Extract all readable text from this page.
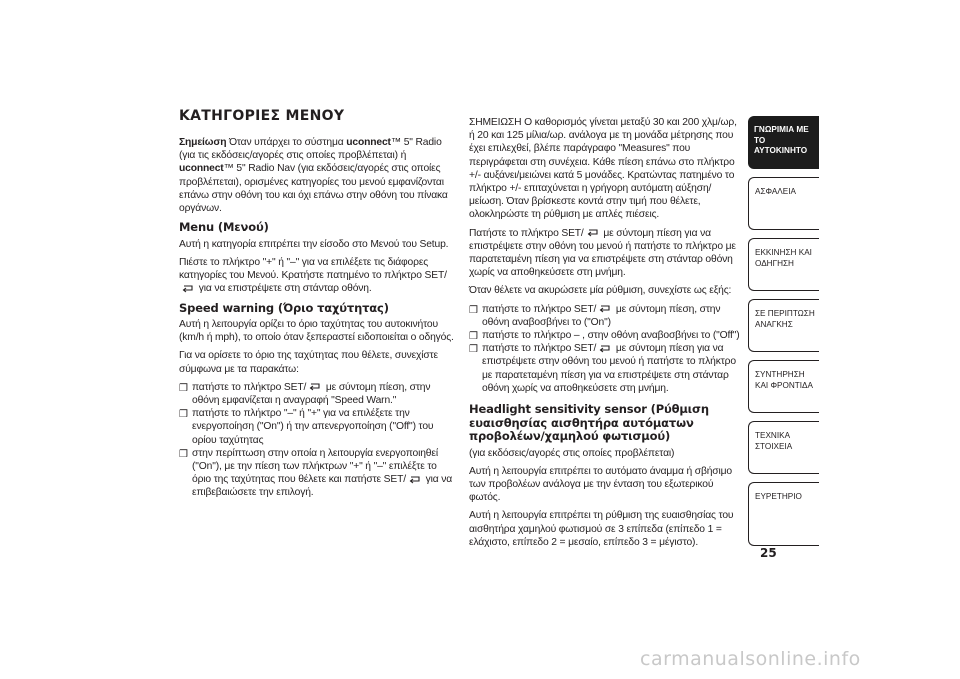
ΚΑΤΗΓΟΡΙΕΣ ΜΕΝΟΥ

Σημείωση Όταν υπάρχει το σύστημα uconnect™ 5" Radio (για τις εκδόσεις/αγορές στις οποίες προβλέπεται) ή uconnect™ 5" Radio Nav (για εκδόσεις/αγορές στις οποίες προβλέπεται), ορισμένες κατηγορίες του μενού εμφανίζονται επάνω στην οθόνη του και όχι επάνω στην οθόνη του πίνακα οργάνων.

Menu (Μενού)

Αυτή η κατηγορία επιτρέπει την είσοδο στο Μενού του Setup.

Πιέστε το πλήκτρο "+" ή "–" για να επιλέξετε τις διάφορες κατηγορίες του Μενού. Κρατήστε πατημένο το πλήκτρο SET/ για να επιστρέψετε στη στάνταρ οθόνη.

Speed warning (Όριο ταχύτητας)

Αυτή η λειτουργία ορίζει το όριο ταχύτητας του αυτοκινήτου (km/h ή mph), το οποίο όταν ξεπεραστεί ειδοποιείται ο οδηγός.

Για να ορίσετε το όριο της ταχύτητας που θέλετε, συνεχίστε σύμφωνα με τα παρακάτω:

❒ πατήστε το πλήκτρο SET/ με σύντομη πίεση, στην οθόνη εμφανίζεται η αναγραφή "Speed Warn."
❒ πατήστε το πλήκτρο "–" ή "+" για να επιλέξετε την ενεργοποίηση ("On") ή την απενεργοποίηση ("Off") του ορίου ταχύτητας
❒ στην περίπτωση στην οποία η λειτουργία ενεργοποιηθεί ("On"), με την πίεση των πλήκτρων "+" ή "–" επιλέξτε το όριο της ταχύτητας που θέλετε και πατήστε SET/ για να επιβεβαιώσετε την επιλογή.

ΣΗΜΕΙΩΣΗ Ο καθορισμός γίνεται μεταξύ 30 και 200 χλμ/ωρ, ή 20 και 125 μίλια/ωρ. ανάλογα με τη μονάδα μέτρησης που έχει επιλεχθεί, βλέπε παράγραφο "Measures" που περιγράφεται στη συνέχεια. Κάθε πίεση επάνω στο πλήκτρο +/- αυξάνει/μειώνει κατά 5 μονάδες. Κρατώντας πατημένο το πλήκτρο +/- επιταχύνεται η γρήγορη αυτόματη αύξηση/μείωση. Όταν βρίσκεστε κοντά στην τιμή που θέλετε, ολοκληρώστε τη ρύθμιση με απλές πιέσεις.

Πατήστε το πλήκτρο SET/ με σύντομη πίεση για να επιστρέψετε στην οθόνη του μενού ή πατήστε το πλήκτρο με παρατεταμένη πίεση για να επιστρέψετε στη στάνταρ οθόνη χωρίς να αποθηκεύσετε στη μνήμη.

Όταν θέλετε να ακυρώσετε μία ρύθμιση, συνεχίστε ως εξής:

❒ πατήστε το πλήκτρο SET/ με σύντομη πίεση, στην οθόνη αναβοσβήνει το ("On")
❒ πατήστε το πλήκτρο – , στην οθόνη αναβοσβήνει το ("Off")
❒ πατήστε το πλήκτρο SET/ με σύντομη πίεση για να επιστρέψετε στην οθόνη του μενού ή πατήστε το πλήκτρο με παρατεταμένη πίεση για να επιστρέψετε στη στάνταρ οθόνη χωρίς να αποθηκεύσετε στη μνήμη.
Headlight sensitivity sensor (Ρύθμιση ευαισθησίας αισθητήρα αυτόματων προβολέων/χαμηλού φωτισμού)

(για εκδόσεις/αγορές στις οποίες προβλέπεται)

Αυτή η λειτουργία επιτρέπει το αυτόματο άναμμα ή σβήσιμο των προβολέων ανάλογα με την ένταση του εξωτερικού φωτός.

Αυτή η λειτουργία επιτρέπει τη ρύθμιση της ευαισθησίας του αισθητήρα χαμηλού φωτισμού σε 3 επίπεδα (επίπεδο 1 = ελάχιστο, επίπεδο 2 = μεσαίο, επίπεδο 3 = μέγιστο).

ΓΝΩΡΙΜΙΑ ΜΕ ΤΟ ΑΥΤΟΚΙΝΗΤΟ
ΑΣΦΑΛΕΙΑ
ΕΚΚΙΝΗΣΗ ΚΑΙ ΟΔΗΓΗΣΗ
ΣΕ ΠΕΡΙΠΤΩΣΗ ΑΝΑΓΚΗΣ
ΣΥΝΤΗΡΗΣΗ ΚΑΙ ΦΡΟΝΤΙΔΑ
ΤΕΧΝΙΚΑ ΣΤΟΙΧΕΙΑ
ΕΥΡΕΤΗΡΙΟ
25
carmanualsonline.info
